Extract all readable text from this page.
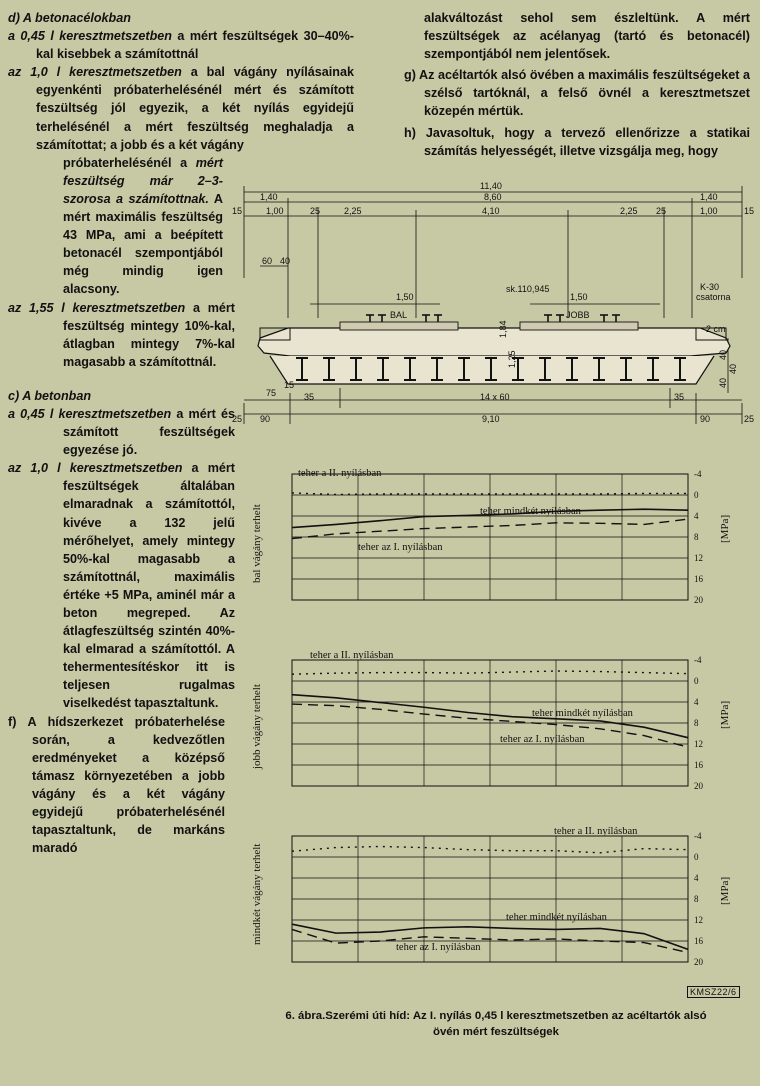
d) A betonacélokban

a 0,45 l keresztmetszetben a mért feszültségek 30–40%-kal kisebbek a számítottnál

az 1,0 l keresztmetszetben a bal vágány nyílásainak egyenkénti próbaterhelésénél mért és számított feszültség jól egyezik, a két nyílás egyidejű terhelésénél a mért feszültség meghaladja a számítottat; a jobb és a két vágány

próbaterhelésénél a mért feszültség már 2–3-szorosa a számítottnak. A mért maximális feszültség 43 MPa, ami a beépített betonacél szempontjából még mindig igen alacsony.

az 1,55 l keresztmetszetben a mért feszültség mintegy 10%-kal, átlagban mintegy 7%-kal magasabb a számítottnál.

c) A betonban

a 0,45 l keresztmetszetben a mért és számított feszültségek egyezése jó.

az 1,0 l keresztmetszetben a mért feszültségek általában elmaradnak a számítottól, kivéve a 132 jelű mérőhelyet, amely mintegy 50%-kal magasabb a számítottnál, maximális értéke +5 MPa, aminél már a beton megreped. Az átlagfeszültség szintén 40%-kal elmarad a számítottól. A tehermentesítéskor itt is teljesen rugalmas viselkedést tapasztaltunk.

f) A hídszerkezet próbaterhelése során, a kedvezőtlen eredményeket a középső támasz környezetében a jobb vágány és a két vágány egyidejű próbaterhelésénél tapasztaltunk, de markáns maradó

alakváltozást sehol sem észleltünk. A mért feszültségek az acélanyag (tartó és betonacél) szempontjából nem jelentősek.

g) Az acéltartók alsó övében a maximális feszültségeket a szélső tartóknál, a felső övnél a keresztmetszet közepén mértük.

h) Javasoltuk, hogy a tervező ellenőrizze a statikai számítás helyességét, illetve vizsgálja meg, hogy

11,40
8,60
1,40	1,40
15	15
1,00	25	2,25	4,10	2,25 25	1,00
60 40
1,50	1,50
sk.110,945	K-30
csatorna
2 cm
BAL	JOBB
1,84
1,25	40
40
40
75
15
35	14 x 60	35
25 90	9,10	90	25
-4
0
4
8
12
16
20
bal vágány terhelt	[MPa]
teher a II. nyílásban
teher mindkét nyílásban
teher az I. nyílásban
-4
0
4
8
12
16
20
jobb vágány terhelt	[MPa]
teher a II. nyílásban
teher mindkét nyílásban
teher az I. nyílásban
-4
0
4
8
12
16
20
mindkét vágány terhelt	[MPa]
teher a II. nyílásban
teher mindkét nyílásban
teher az I. nyílásban
KMSZ22/6
6. ábra.Szerémi úti híd: Az I. nyílás 0,45 l keresztmetszetben az acéltartók alsó
övén mért feszültségek
